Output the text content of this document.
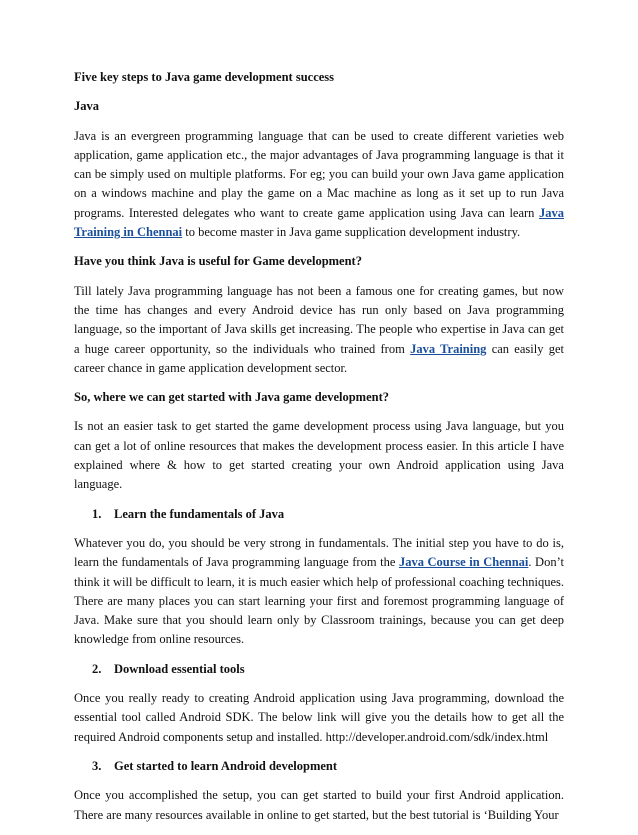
Five key steps to Java game development success

Java

Java is an evergreen programming language that can be used to create different varieties web application, game application etc., the major advantages of Java programming language is that it can be simply used on multiple platforms. For eg; you can build your own Java game application on a windows machine and play the game on a Mac machine as long as it set up to run Java programs. Interested delegates who want to create game application using Java can learn Java Training in Chennai to become master in Java game supplication development industry.

Have you think Java is useful for Game development?

Till lately Java programming language has not been a famous one for creating games, but now the time has changes and every Android device has run only based on Java programming language, so the important of Java skills get increasing. The people who expertise in Java can get a huge career opportunity, so the individuals who trained from Java Training can easily get career chance in game application development sector.

So, where we can get started with Java game development?

Is not an easier task to get started the game development process using Java language, but you can get a lot of online resources that makes the development process easier. In this article I have explained where & how to get started creating your own Android application using Java language.

1. Learn the fundamentals of Java

Whatever you do, you should be very strong in fundamentals. The initial step you have to do is, learn the fundamentals of Java programming language from the Java Course in Chennai. Don’t think it will be difficult to learn, it is much easier which help of professional coaching techniques. There are many places you can start learning your first and foremost programming language of Java. Make sure that you should learn only by Classroom trainings, because you can get deep knowledge from online resources.

2. Download essential tools

Once you really ready to creating Android application using Java programming, download the essential tool called Android SDK. The below link will give you the details how to get all the required Android components setup and installed. http://developer.android.com/sdk/index.html

3. Get started to learn Android development

Once you accomplished the setup, you can get started to build your first Android application. There are many resources available in online to get started, but the best tutorial is ‘Building Your
